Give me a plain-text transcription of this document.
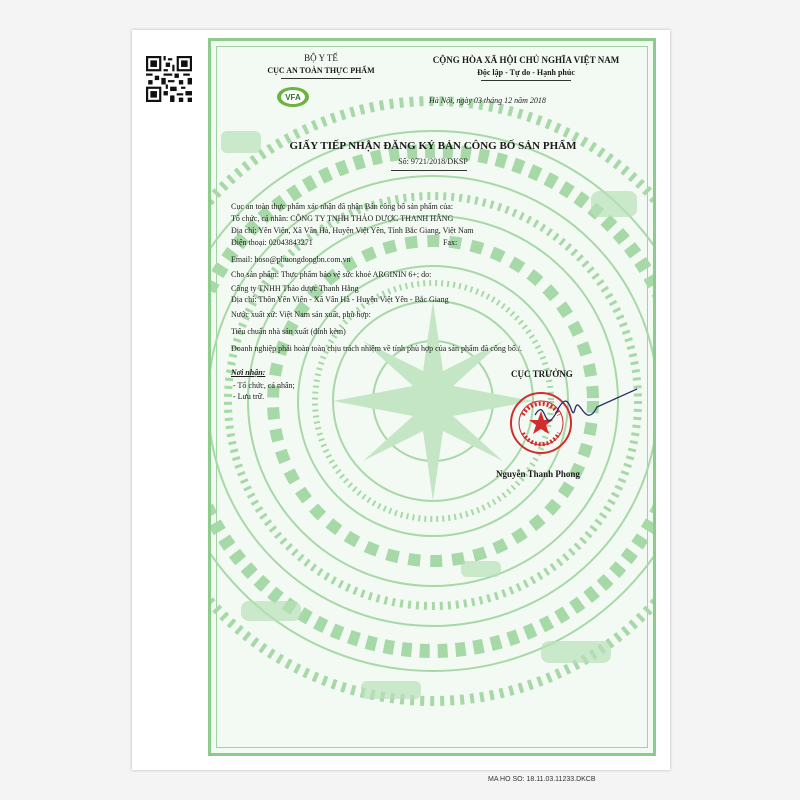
VFA
BỘ Y TẾ
CỤC AN TOÀN THỰC PHẨM
CỘNG HÒA XÃ HỘI CHỦ NGHĨA VIỆT NAM
Độc lập - Tự do - Hạnh phúc
Hà Nội, ngày 03 tháng 12 năm 2018
GIẤY TIẾP NHẬN ĐĂNG KÝ BẢN CÔNG BỐ SẢN PHẨM
Số: 9721/2018/DKSP
Cục an toàn thực phẩm xác nhận đã nhận Bản công bố sản phẩm của:
Tổ chức, cá nhân: CÔNG TY TNHH THẢO DƯỢC THANH HẰNG
Địa chỉ: Yên Viên, Xã Vân Hà, Huyện Việt Yên, Tỉnh Bắc Giang, Việt Nam
Điện thoại: 02043843271	Fax:
Email: hoso@phuongdongbn.com.vn
Cho sản phẩm: Thực phẩm bảo vệ sức khoẻ ARGININ 6+; do:
Công ty TNHH Thảo dược Thanh Hằng
Địa chỉ: Thôn Yên Viên - Xã Vân Hà - Huyện Việt Yên - Bắc Giang
Nước xuất xứ: Việt Nam sản xuất, phù hợp:
Tiêu chuẩn nhà sản xuất (đính kèm)
Doanh nghiệp phải hoàn toàn chịu trách nhiệm về tính phù hợp của sản phẩm đã công bố./.
Nơi nhận:
- Tổ chức, cá nhân;
- Lưu trữ.
CỤC TRƯỞNG
Nguyễn Thanh Phong
MA HO SO: 18.11.03.11233.DKCB
